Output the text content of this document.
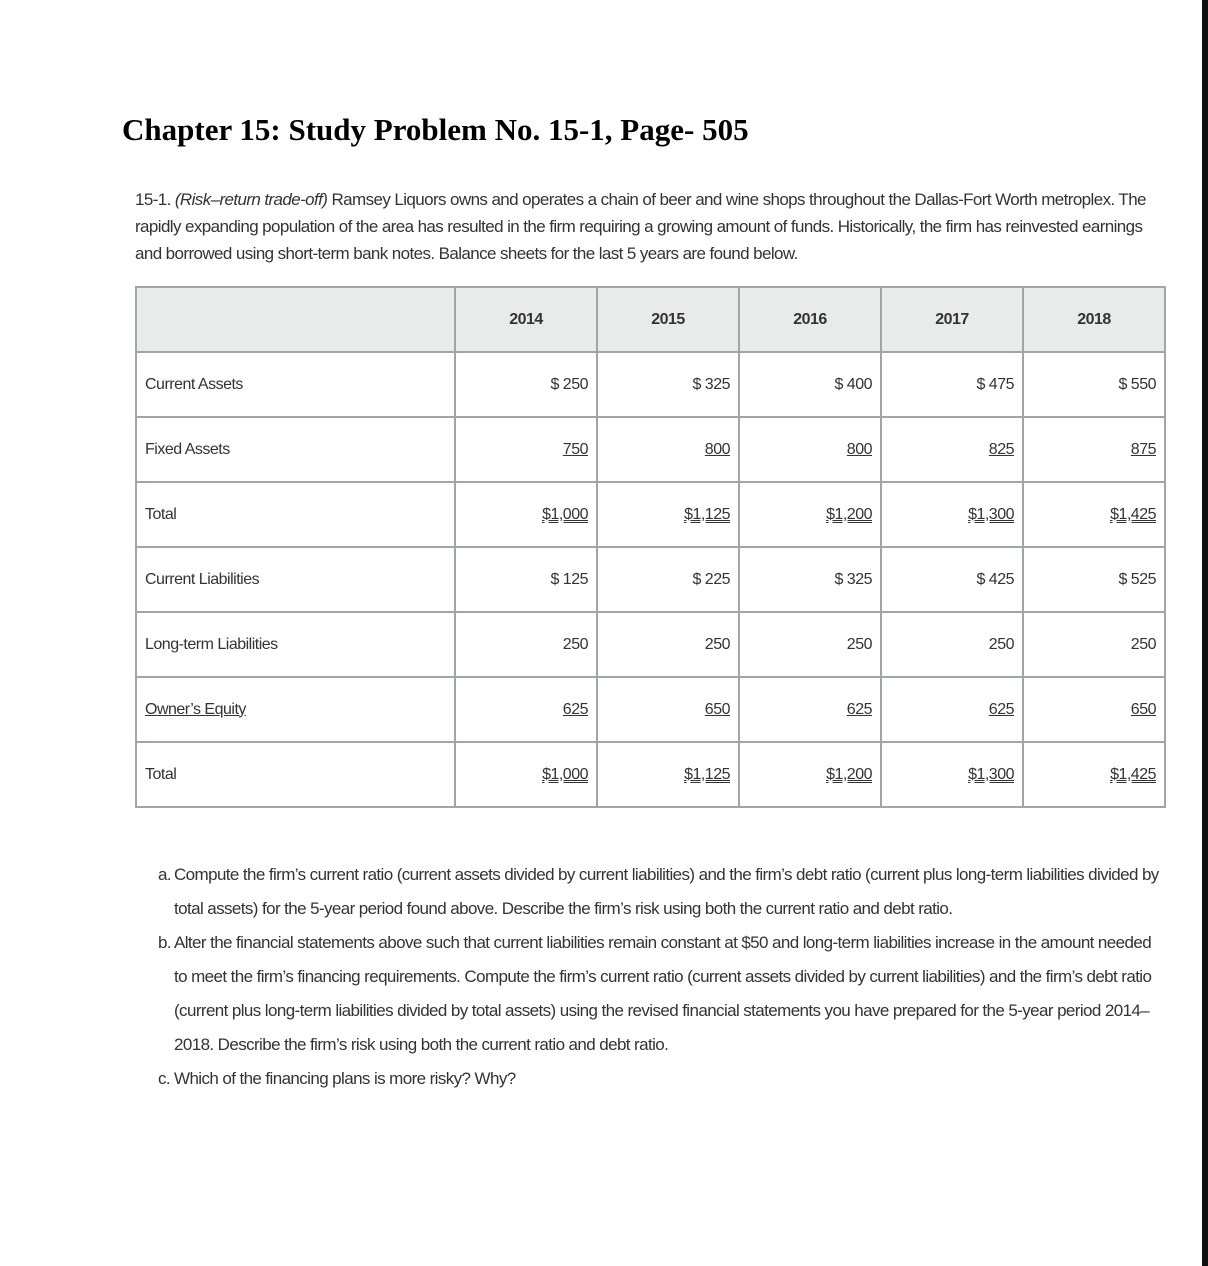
Chapter 15: Study Problem No. 15-1, Page- 505

15-1. (Risk–return trade-off) Ramsey Liquors owns and operates a chain of beer and wine shops throughout the Dallas-Fort Worth metroplex. The rapidly expanding population of the area has resulted in the firm requiring a growing amount of funds. Historically, the firm has reinvested earnings and borrowed using short-term bank notes. Balance sheets for the last 5 years are found below.

	2014	2015	2016	2017	2018
Current Assets	$ 250	$ 325	$ 400	$ 475	$ 550
Fixed Assets	750	800	800	825	875
Total	$1,000	$1,125	$1,200	$1,300	$1,425
Current Liabilities	$ 125	$ 225	$ 325	$ 425	$ 525
Long-term Liabilities	250	250	250	250	250
Owner’s Equity	625	650	625	625	650
Total	$1,000	$1,125	$1,200	$1,300	$1,425
a. Compute the firm’s current ratio (current assets divided by current liabilities) and the firm’s debt ratio (current plus long-term liabilities divided by total assets) for the 5-year period found above. Describe the firm’s risk using both the current ratio and debt ratio.
b. Alter the financial statements above such that current liabilities remain constant at $50 and long-term liabilities increase in the amount needed to meet the firm’s financing requirements. Compute the firm’s current ratio (current assets divided by current liabilities) and the firm’s debt ratio (current plus long-term liabilities divided by total assets) using the revised financial statements you have prepared for the 5-year period 2014–2018. Describe the firm’s risk using both the current ratio and debt ratio.
c. Which of the financing plans is more risky? Why?
